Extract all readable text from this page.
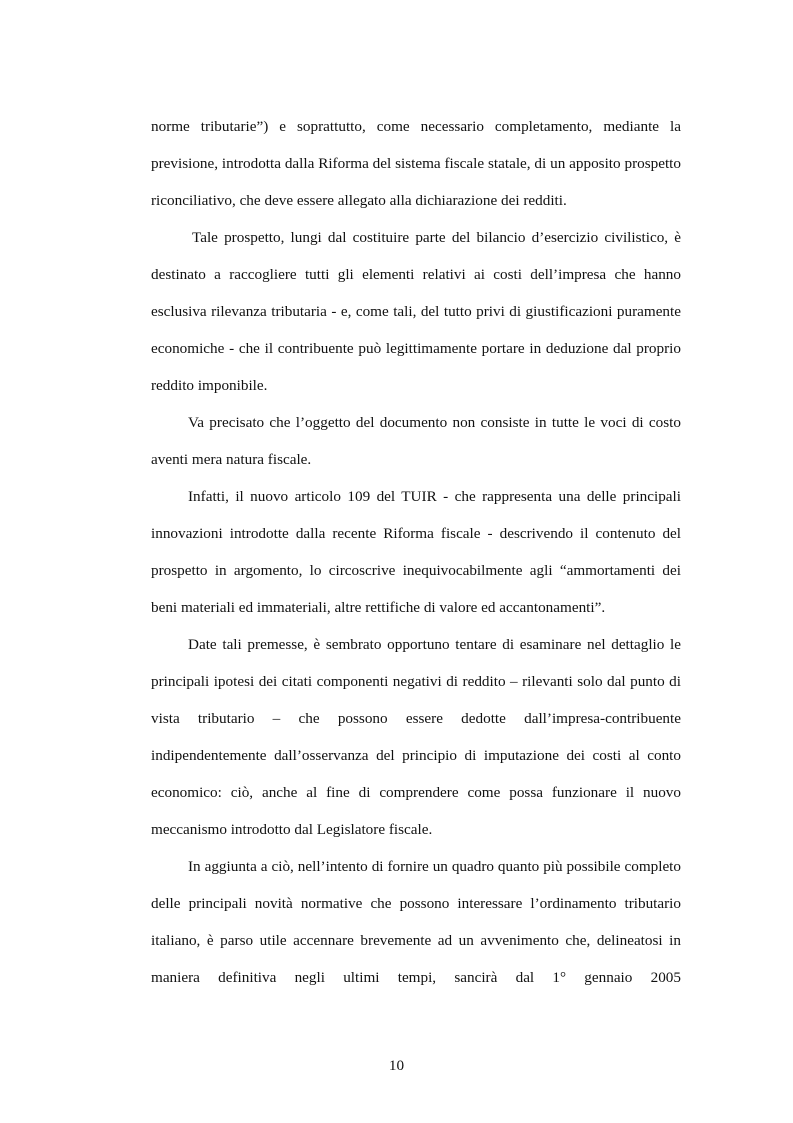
norme tributarie”) e soprattutto, come necessario completamento, mediante la previsione, introdotta dalla Riforma del sistema fiscale statale, di un apposito prospetto riconciliativo, che deve essere allegato alla dichiarazione dei redditi.

Tale prospetto, lungi dal costituire parte del bilancio d’esercizio civilistico, è destinato a raccogliere tutti gli elementi relativi ai costi dell’impresa che hanno esclusiva rilevanza tributaria - e, come tali, del tutto privi di giustificazioni puramente economiche - che il contribuente può legittimamente portare in deduzione dal proprio reddito imponibile.

Va precisato che l’oggetto del documento non consiste in tutte le voci di costo aventi mera natura fiscale.

Infatti, il nuovo articolo 109 del TUIR - che rappresenta una delle principali innovazioni introdotte dalla recente Riforma fiscale - descrivendo il contenuto del prospetto in argomento, lo circoscrive inequivocabilmente agli “ammortamenti dei beni materiali ed immateriali, altre rettifiche di valore ed accantonamenti”.

Date tali premesse, è sembrato opportuno tentare di esaminare nel dettaglio le principali ipotesi dei citati componenti negativi di reddito – rilevanti solo dal punto di vista tributario – che possono essere dedotte dall’impresa-contribuente indipendentemente dall’osservanza del principio di imputazione dei costi al conto economico: ciò, anche al fine di comprendere come possa funzionare il nuovo meccanismo introdotto dal Legislatore fiscale.

In aggiunta a ciò, nell’intento di fornire un quadro quanto più possibile completo delle principali novità normative che possono interessare l’ordinamento tributario italiano, è parso utile accennare brevemente ad un avvenimento che, delineatosi in maniera definitiva negli ultimi tempi, sancirà dal 1° gennaio 2005

10
